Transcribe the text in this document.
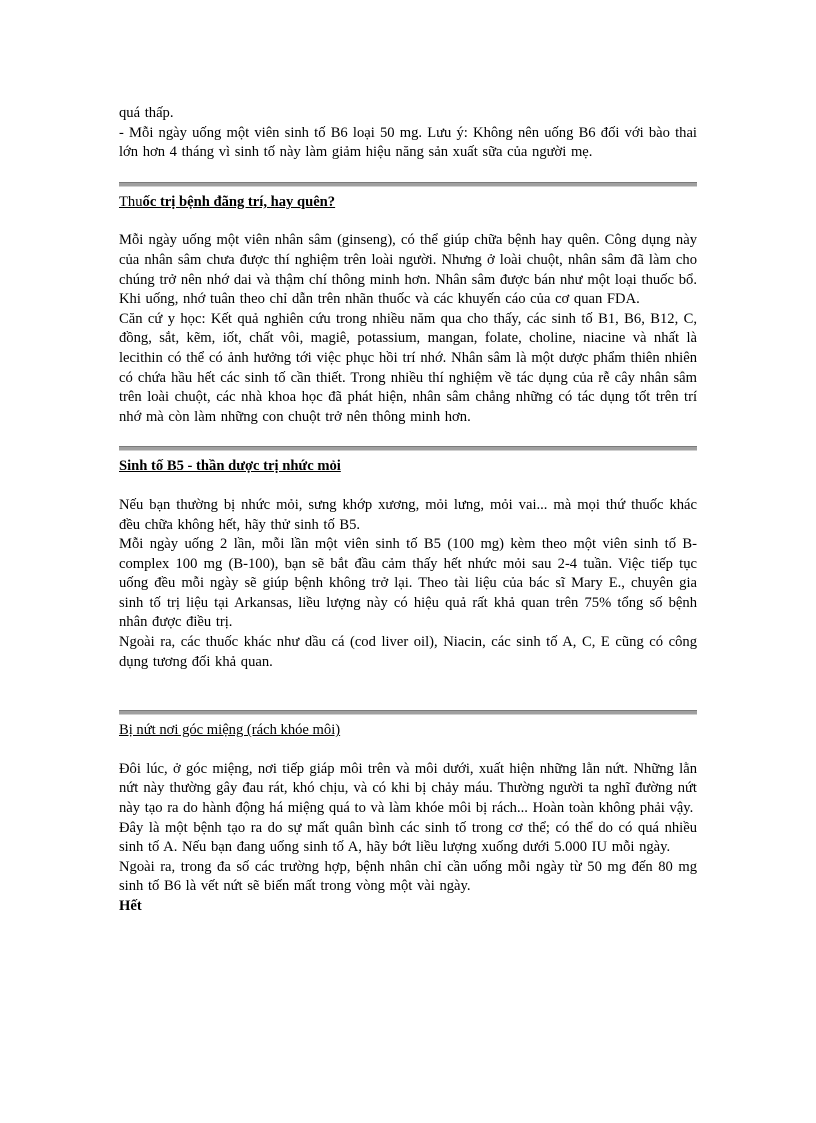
quá thấp.

- Mỗi ngày uống một viên sinh tố B6 loại 50 mg. Lưu ý: Không nên uống B6 đối với bào thai lớn hơn 4 tháng vì sinh tố này làm giảm hiệu năng sản xuất sữa của người mẹ.

Thuốc trị bệnh đãng trí, hay quên?

Mỗi ngày uống một viên nhân sâm (ginseng), có thể giúp chữa bệnh hay quên. Công dụng này của nhân sâm chưa được thí nghiệm trên loài người. Nhưng ở loài chuột, nhân sâm đã làm cho chúng trở nên nhớ dai và thậm chí thông minh hơn. Nhân sâm được bán như một loại thuốc bổ. Khi uống, nhớ tuân theo chỉ dẫn trên nhãn thuốc và các khuyến cáo của cơ quan FDA.

Căn cứ y học: Kết quả nghiên cứu trong nhiều năm qua cho thấy, các sinh tố B1, B6, B12, C, đồng, sắt, kẽm, iốt, chất vôi, magiê, potassium, mangan, folate, choline, niacine và nhất là lecithin có thể có ảnh hưởng tới việc phục hồi trí nhớ. Nhân sâm là một dược phẩm thiên nhiên có chứa hầu hết các sinh tố cần thiết. Trong nhiều thí nghiệm về tác dụng của rễ cây nhân sâm trên loài chuột, các nhà khoa học đã phát hiện, nhân sâm chẳng những có tác dụng tốt trên trí nhớ mà còn làm những con chuột trở nên thông minh hơn.

Sinh tố B5 - thần dược trị nhức mỏi

Nếu bạn thường bị nhức mỏi, sưng khớp xương, mỏi lưng, mỏi vai... mà mọi thứ thuốc khác đều chữa không hết, hãy thử sinh tố B5.

Mỗi ngày uống 2 lần, mỗi lần một viên sinh tố B5 (100 mg) kèm theo một viên sinh tố B-complex 100 mg (B-100), bạn sẽ bắt đầu cảm thấy hết nhức mỏi sau 2-4 tuần. Việc tiếp tục uống đều mỗi ngày sẽ giúp bệnh không trở lại. Theo tài liệu của bác sĩ Mary E., chuyên gia sinh tố trị liệu tại Arkansas, liều lượng này có hiệu quả rất khả quan trên 75% tổng số bệnh nhân được điều trị.

Ngoài ra, các thuốc khác như dầu cá (cod liver oil), Niacin, các sinh tố A, C, E cũng có công dụng tương đối khả quan.

Bị nứt nơi góc miệng (rách khóe môi)

Đôi lúc, ở góc miệng, nơi tiếp giáp môi trên và môi dưới, xuất hiện những lằn nứt. Những lằn nứt này thường gây đau rát, khó chịu, và có khi bị chảy máu. Thường người ta nghĩ đường nứt này tạo ra do hành động há miệng quá to và làm khóe môi bị rách... Hoàn toàn không phải vậy.

Đây là một bệnh tạo ra do sự mất quân bình các sinh tố trong cơ thể; có thể do có quá nhiều sinh tố A. Nếu bạn đang uống sinh tố A, hãy bớt liều lượng xuống dưới 5.000 IU mỗi ngày.

Ngoài ra, trong đa số các trường hợp, bệnh nhân chỉ cần uống mỗi ngày từ 50 mg đến 80 mg sinh tố B6 là vết nứt sẽ biến mất trong vòng một vài ngày.

Hết
